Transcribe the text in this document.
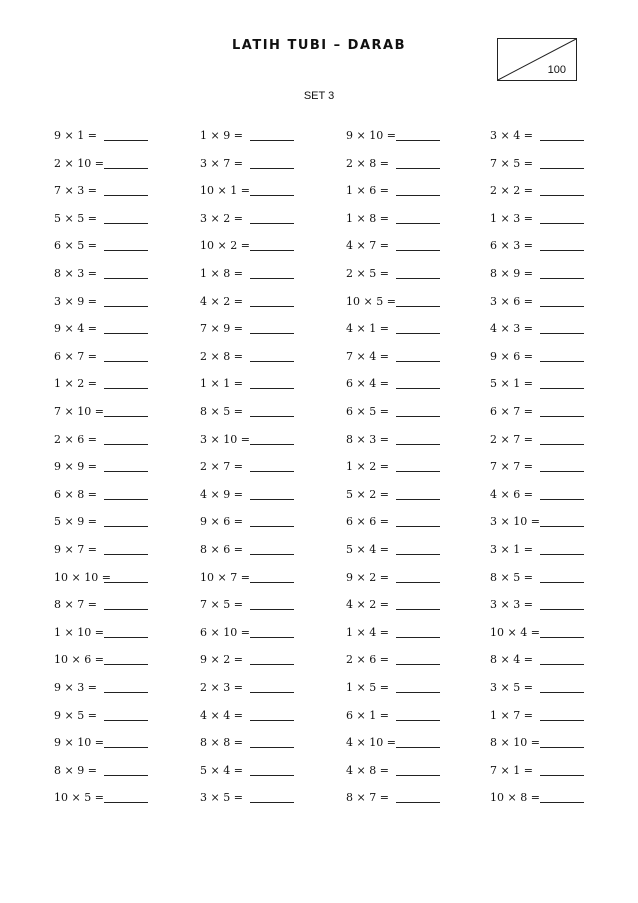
LATIH TUBI – DARAB
100
SET 3
9 × 1 =	1 × 9 =	9 × 10 =	3 × 4 =
2 × 10 =	3 × 7 =	2 × 8 =	7 × 5 =
7 × 3 =	10 × 1 =	1 × 6 =	2 × 2 =
5 × 5 =	3 × 2 =	1 × 8 =	1 × 3 =
6 × 5 =	10 × 2 =	4 × 7 =	6 × 3 =
8 × 3 =	1 × 8 =	2 × 5 =	8 × 9 =
3 × 9 =	4 × 2 =	10 × 5 =	3 × 6 =
9 × 4 =	7 × 9 =	4 × 1 =	4 × 3 =
6 × 7 =	2 × 8 =	7 × 4 =	9 × 6 =
1 × 2 =	1 × 1 =	6 × 4 =	5 × 1 =
7 × 10 =	8 × 5 =	6 × 5 =	6 × 7 =
2 × 6 =	3 × 10 =	8 × 3 =	2 × 7 =
9 × 9 =	2 × 7 =	1 × 2 =	7 × 7 =
6 × 8 =	4 × 9 =	5 × 2 =	4 × 6 =
5 × 9 =	9 × 6 =	6 × 6 =	3 × 10 =
9 × 7 =	8 × 6 =	5 × 4 =	3 × 1 =
10 × 10 =	10 × 7 =	9 × 2 =	8 × 5 =
8 × 7 =	7 × 5 =	4 × 2 =	3 × 3 =
1 × 10 =	6 × 10 =	1 × 4 =	10 × 4 =
10 × 6 =	9 × 2 =	2 × 6 =	8 × 4 =
9 × 3 =	2 × 3 =	1 × 5 =	3 × 5 =
9 × 5 =	4 × 4 =	6 × 1 =	1 × 7 =
9 × 10 =	8 × 8 =	4 × 10 =	8 × 10 =
8 × 9 =	5 × 4 =	4 × 8 =	7 × 1 =
10 × 5 =	3 × 5 =	8 × 7 =	10 × 8 =
